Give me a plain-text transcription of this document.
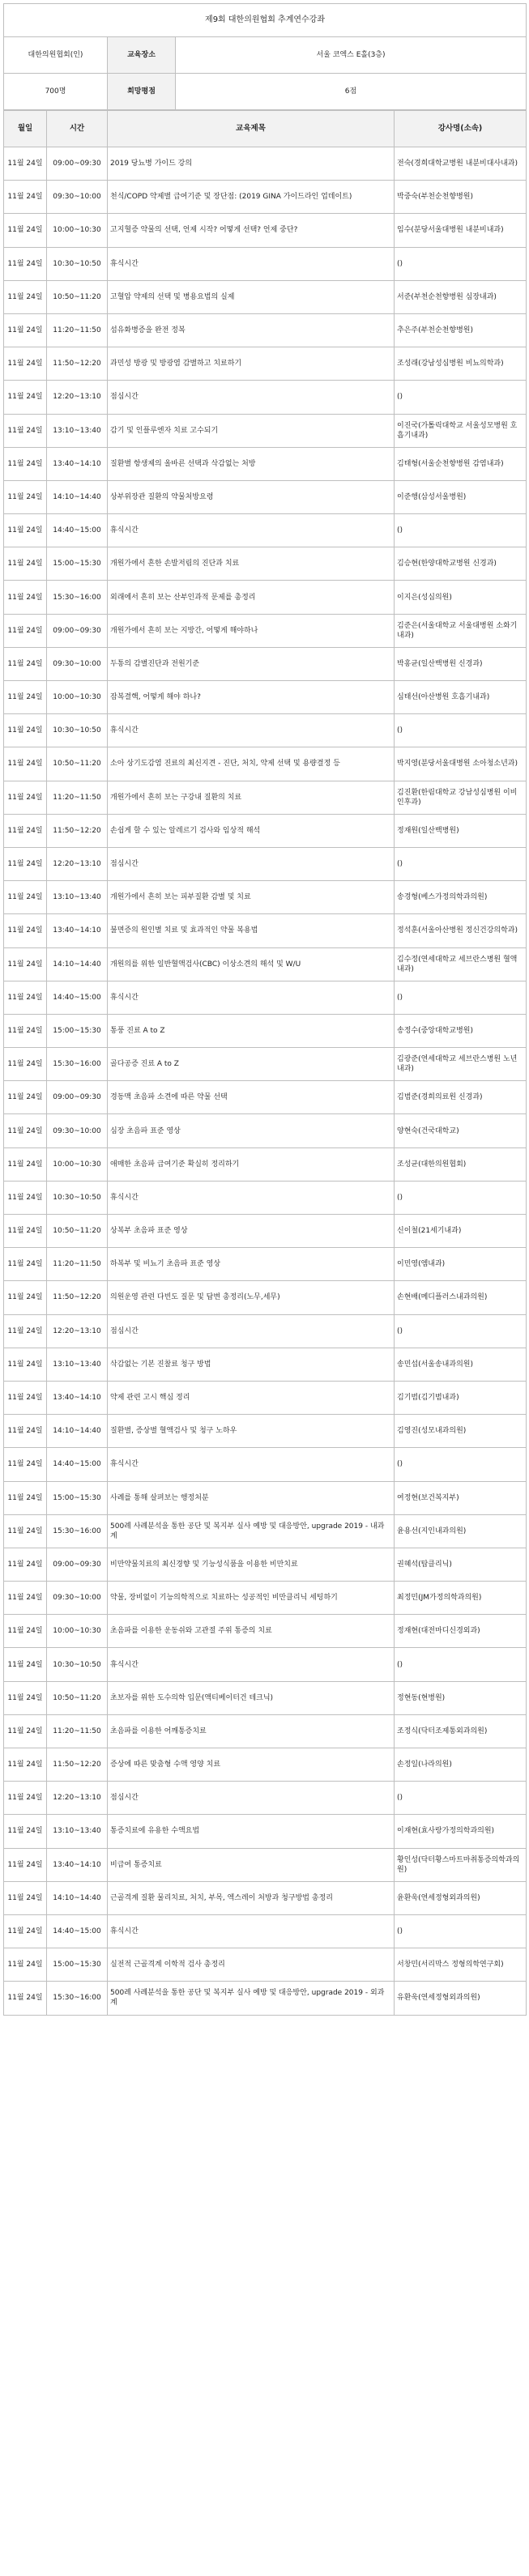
제9회 대한의원협회 추계연수강좌		
대한의원협회(인)	교육장소	서울 코엑스 E홀(3층)
700명	희망평점	6점
월일	시간	교육제목	강사명(소속)
11월 24일	09:00~09:30	2019 당뇨병 가이드 강의	전숙(경희대학교병원 내분비대사내과)
11월 24일	09:30~10:00	천식/COPD 약제별 급여기준 및 장단점: (2019 GINA 가이드라인 업데이트)	박중숙(부천순천향병원)
11월 24일	10:00~10:30	고지혈증 약물의 선택, 언제 시작? 어떻게 선택? 언제 중단?	임수(분당서울대병원 내분비내과)
11월 24일	10:30~10:50	휴식시간	()
11월 24일	10:50~11:20	고혈압 약제의 선택 및 병용요법의 실제	서준(부천순천향병원 심장내과)
11월 24일	11:20~11:50	섬유화병증을 완전 정복	추은주(부천순천향병원)
11월 24일	11:50~12:20	과민성 방광 및 방광염 감별하고 치료하기	조성래(강남성심병원 비뇨의학과)
11월 24일	12:20~13:10	점심시간	()
11월 24일	13:10~13:40	감기 및 인플루엔자 치료 고수되기	이진국(가톨릭대학교 서울성모병원 호흡기내과)
11월 24일	13:40~14:10	질환별 항생제의 올바른 선택과 삭감없는 처방	김태형(서울순천향병원 감염내과)
11월 24일	14:10~14:40	상부위장관 질환의 약물처방요령	이준행(삼성서울병원)
11월 24일	14:40~15:00	휴식시간	()
11월 24일	15:00~15:30	개원가에서 흔한 손발저림의 진단과 치료	김승현(한양대학교병원 신경과)
11월 24일	15:30~16:00	외래에서 흔히 보는 산부인과적 문제를 총정리	이지은(성심의원)
11월 24일	09:00~09:30	개원가에서 흔히 보는 지방간, 어떻게 해야하나	김준은(서울대학교 서울대병원 소화기내과)
11월 24일	09:30~10:00	두통의 감별진단과 전원기준	박홍균(일산백병원 신경과)
11월 24일	10:00~10:30	잠복결핵, 어떻게 해야 하나?	심태선(아산병원 호흡기내과)
11월 24일	10:30~10:50	휴식시간	()
11월 24일	10:50~11:20	소아 상기도감염 진료의 최신지견 - 진단, 처치, 약제 선택 및 용량결정 등	박지영(분당서울대병원 소아청소년과)
11월 24일	11:20~11:50	개원가에서 흔히 보는 구강내 질환의 치료	김진환(한림대학교 강남성심병원 이비인후과)
11월 24일	11:50~12:20	손쉽게 할 수 있는 알레르기 검사와 임상적 해석	정재원(일산백병원)
11월 24일	12:20~13:10	점심시간	()
11월 24일	13:10~13:40	개원가에서 흔히 보는 피부질환 감별 및 치료	송경형(베스가정의학과의원)
11월 24일	13:40~14:10	불면증의 원인별 치료 및 효과적인 약물 복용법	정석훈(서울아산병원 정신건강의학과)
11월 24일	14:10~14:40	개원의를 위한 일반혈액검사(CBC) 이상소견의 해석 및 W/U	김수정(연세대학교 세브란스병원 혈액내과)
11월 24일	14:40~15:00	휴식시간	()
11월 24일	15:00~15:30	통풍 진료 A to Z	송정수(중앙대학교병원)
11월 24일	15:30~16:00	골다공증 진료 A to Z	김광준(연세대학교 세브란스병원 노년내과)
11월 24일	09:00~09:30	경동맥 초음파 소견에 따른 약물 선택	김범준(경희의료원 신경과)
11월 24일	09:30~10:00	심장 초음파 표준 영상	양현숙(건국대학교)
11월 24일	10:00~10:30	애매한 초음파 급여기준 확실히 정리하기	조성균(대한의원협회)
11월 24일	10:30~10:50	휴식시간	()
11월 24일	10:50~11:20	상복부 초음파 표준 영상	신이철(21세기내과)
11월 24일	11:20~11:50	하복부 및 비뇨기 초음파 표준 영상	이민영(엠내과)
11월 24일	11:50~12:20	의원운영 관련 다빈도 질문 및 답변 총정리(노무,세무)	손현배(메디플러스내과의원)
11월 24일	12:20~13:10	점심시간	()
11월 24일	13:10~13:40	삭감없는 기본 진찰료 청구 방법	송민섭(서울송내과의원)
11월 24일	13:40~14:10	약제 관련 고시 핵심 정리	김기범(김기범내과)
11월 24일	14:10~14:40	질환별, 증상별 혈액검사 및 청구 노하우	김영진(성모내과의원)
11월 24일	14:40~15:00	휴식시간	()
11월 24일	15:00~15:30	사례를 통해 살펴보는 행정처분	여정현(보건복지부)
11월 24일	15:30~16:00	500례 사례분석을 통한 공단 및 복지부 실사 예방 및 대응방안, upgrade 2019 - 내과계	윤용선(지인내과의원)
11월 24일	09:00~09:30	비만약물치료의 최신경향 및 기능성식품을 이용한 비만치료	권혜석(탑클리닉)
11월 24일	09:30~10:00	약물, 장비없이 기능의학적으로 치료하는 성공적인 비만클리닉 세팅하기	최정민(JM가정의학과의원)
11월 24일	10:00~10:30	초음파를 이용한 운동쉬와 고관절 주위 통증의 치료	정재현(대전마디신경외과)
11월 24일	10:30~10:50	휴식시간	()
11월 24일	10:50~11:20	초보자를 위한 도수의학 입문(액티베이터건 테크닉)	정현동(현병원)
11월 24일	11:20~11:50	초음파를 이용한 어깨통증치료	조정식(닥터조제통외과의원)
11월 24일	11:50~12:20	증상에 따른 맞춤형 수액 영양 치료	손정일(나라의원)
11월 24일	12:20~13:10	점심시간	()
11월 24일	13:10~13:40	통증치료에 유용한 수액요법	이재현(효사랑가정의학과의원)
11월 24일	13:40~14:10	비급여 통증치료	황인성(닥터황스마트마취통증의학과의원)
11월 24일	14:10~14:40	근골격계 질환 물리치료, 처치, 부목, 엑스레이 처방과 청구방법 총정리	윤환욱(연세정형외과의원)
11월 24일	14:40~15:00	휴식시간	()
11월 24일	15:00~15:30	실전적 근골격계 이학적 검사 총정리	서창민(서리막스 정형의학연구회)
11월 24일	15:30~16:00	500례 사례분석을 통한 공단 및 복지부 실사 예방 및 대응방안, upgrade 2019 - 외과계	유환욱(연세정형외과의원)
